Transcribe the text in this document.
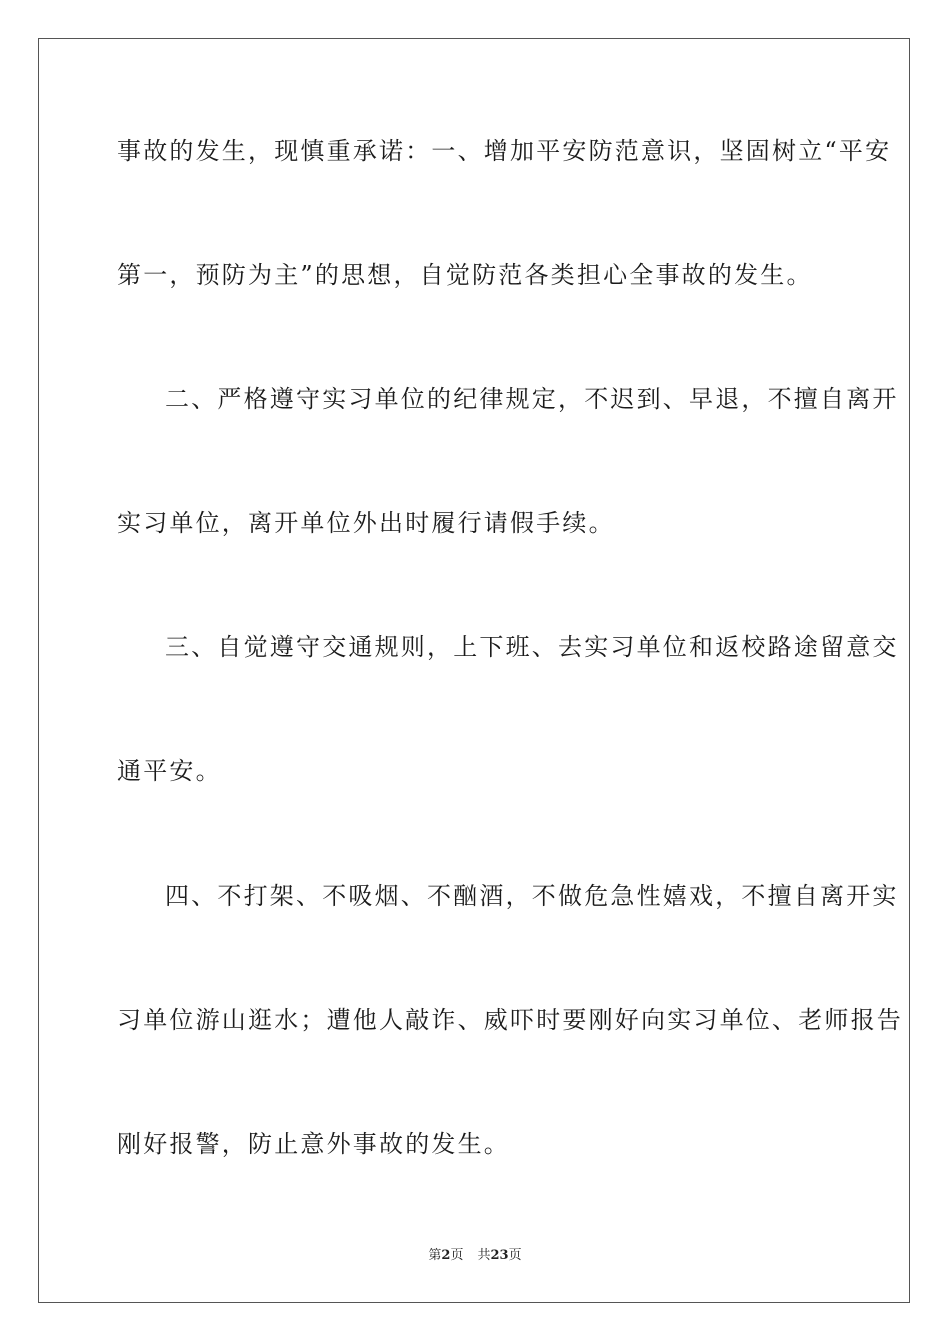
事故的发生，现慎重承诺：一、增加平安防范意识，坚固树立“平安
第一，预防为主”的思想，自觉防范各类担心全事故的发生。
二、严格遵守实习单位的纪律规定，不迟到、早退，不擅自离开
实习单位，离开单位外出时履行请假手续。
三、自觉遵守交通规则，上下班、去实习单位和返校路途留意交
通平安。
四、不打架、不吸烟、不酗酒，不做危急性嬉戏，不擅自离开实
习单位游山逛水；遭他人敲诈、威吓时要刚好向实习单位、老师报告
刚好报警，防止意外事故的发生。
第2页 共23页
